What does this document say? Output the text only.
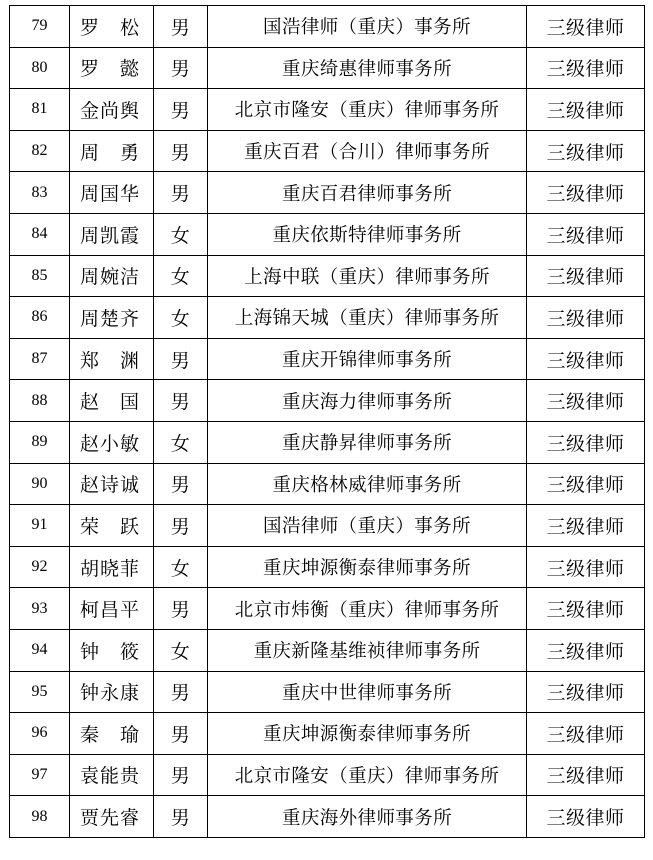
79	罗　松	男	国浩律师（重庆）事务所	三级律师
80	罗　懿	男	重庆绮惠律师事务所	三级律师
81	金尚舆	男	北京市隆安（重庆）律师事务所	三级律师
82	周　勇	男	重庆百君（合川）律师事务所	三级律师
83	周国华	男	重庆百君律师事务所	三级律师
84	周凯霞	女	重庆依斯特律师事务所	三级律师
85	周婉洁	女	上海中联（重庆）律师事务所	三级律师
86	周楚齐	女	上海锦天城（重庆）律师事务所	三级律师
87	郑　渊	男	重庆开锦律师事务所	三级律师
88	赵　国	男	重庆海力律师事务所	三级律师
89	赵小敏	女	重庆静昇律师事务所	三级律师
90	赵诗诚	男	重庆格林威律师事务所	三级律师
91	荣　跃	男	国浩律师（重庆）事务所	三级律师
92	胡晓菲	女	重庆坤源衡泰律师事务所	三级律师
93	柯昌平	男	北京市炜衡（重庆）律师事务所	三级律师
94	钟　筱	女	重庆新隆基维祯律师事务所	三级律师
95	钟永康	男	重庆中世律师事务所	三级律师
96	秦　瑜	男	重庆坤源衡泰律师事务所	三级律师
97	袁能贵	男	北京市隆安（重庆）律师事务所	三级律师
98	贾先睿	男	重庆海外律师事务所	三级律师
